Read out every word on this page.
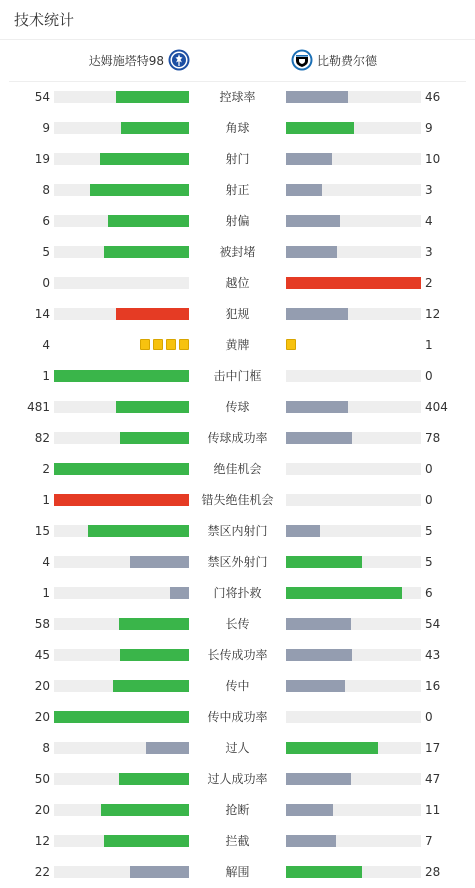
技术统计
达姆施塔特98	比勒费尔德
54	控球率	46
9	角球	9
19	射门	10
8	射正	3
6	射偏	4
5	被封堵	3
0	越位	2
14	犯规	12
4	黄牌	1
1	击中门框	0
481	传球	404
82	传球成功率	78
2	绝佳机会	0
1	错失绝佳机会	0
15	禁区内射门	5
4	禁区外射门	5
1	门将扑救	6
58	长传	54
45	长传成功率	43
20	传中	16
20	传中成功率	0
8	过人	17
50	过人成功率	47
20	抢断	11
12	拦截	7
22	解围	28
